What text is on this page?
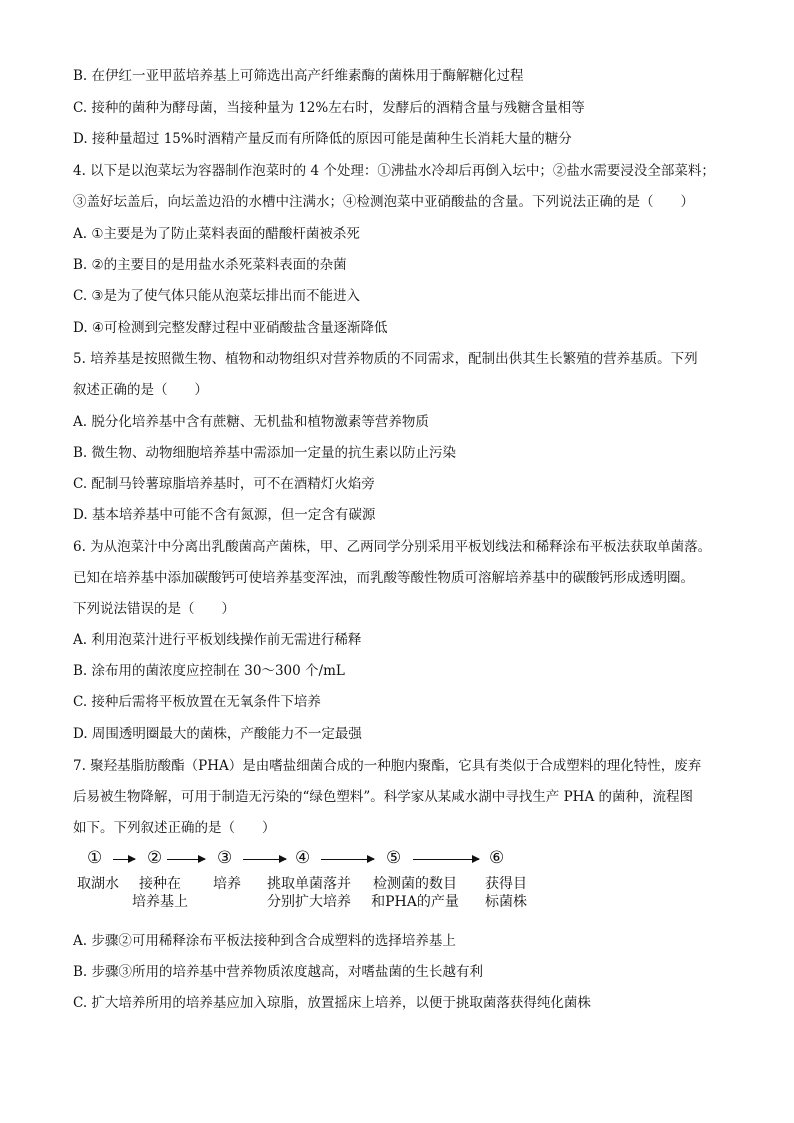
B. 在伊红一亚甲蓝培养基上可筛选出高产纤维素酶的菌株用于酶解糖化过程
C. 接种的菌种为酵母菌，当接种量为 12%左右时，发酵后的酒精含量与残糖含量相等
D. 接种量超过 15%时酒精产量反而有所降低的原因可能是菌种生长消耗大量的糖分
4. 以下是以泡菜坛为容器制作泡菜时的 4 个处理：①沸盐水冷却后再倒入坛中；②盐水需要浸没全部菜料；
③盖好坛盖后，向坛盖边沿的水槽中注满水；④检测泡菜中亚硝酸盐的含量。下列说法正确的是（　　）
A. ①主要是为了防止菜料表面的醋酸杆菌被杀死
B. ②的主要目的是用盐水杀死菜料表面的杂菌
C. ③是为了使气体只能从泡菜坛排出而不能进入
D. ④可检测到完整发酵过程中亚硝酸盐含量逐渐降低
5. 培养基是按照微生物、植物和动物组织对营养物质的不同需求，配制出供其生长繁殖的营养基质。下列
叙述正确的是（　　）
A. 脱分化培养基中含有蔗糖、无机盐和植物激素等营养物质
B. 微生物、动物细胞培养基中需添加一定量的抗生素以防止污染
C. 配制马铃薯琼脂培养基时，可不在酒精灯火焰旁
D. 基本培养基中可能不含有氮源，但一定含有碳源
6. 为从泡菜汁中分离出乳酸菌高产菌株，甲、乙两同学分别采用平板划线法和稀释涂布平板法获取单菌落。
已知在培养基中添加碳酸钙可使培养基变浑浊，而乳酸等酸性物质可溶解培养基中的碳酸钙形成透明圈。
下列说法错误的是（　　）
A. 利用泡菜汁进行平板划线操作前无需进行稀释
B. 涂布用的菌浓度应控制在 30～300 个/mL
C. 接种后需将平板放置在无氧条件下培养
D. 周围透明圈最大的菌株，产酸能力不一定最强
7. 聚羟基脂肪酸酯（PHA）是由嗜盐细菌合成的一种胞内聚酯，它具有类似于合成塑料的理化特性，废弃
后易被生物降解，可用于制造无污染的“绿色塑料”。科学家从某咸水湖中寻找生产 PHA 的菌种，流程图
如下。下列叙述正确的是（　　）
①	②	③	④	⑤	⑥
取湖水	接种在
培养基上
培养	挑取单菌落并
分别扩大培养
检测菌的数目
和PHA的产量
获得目
标菌株
A. 步骤②可用稀释涂布平板法接种到含合成塑料的选择培养基上
B. 步骤③所用的培养基中营养物质浓度越高，对嗜盐菌的生长越有利
C. 扩大培养所用的培养基应加入琼脂，放置摇床上培养，以便于挑取菌落获得纯化菌株
